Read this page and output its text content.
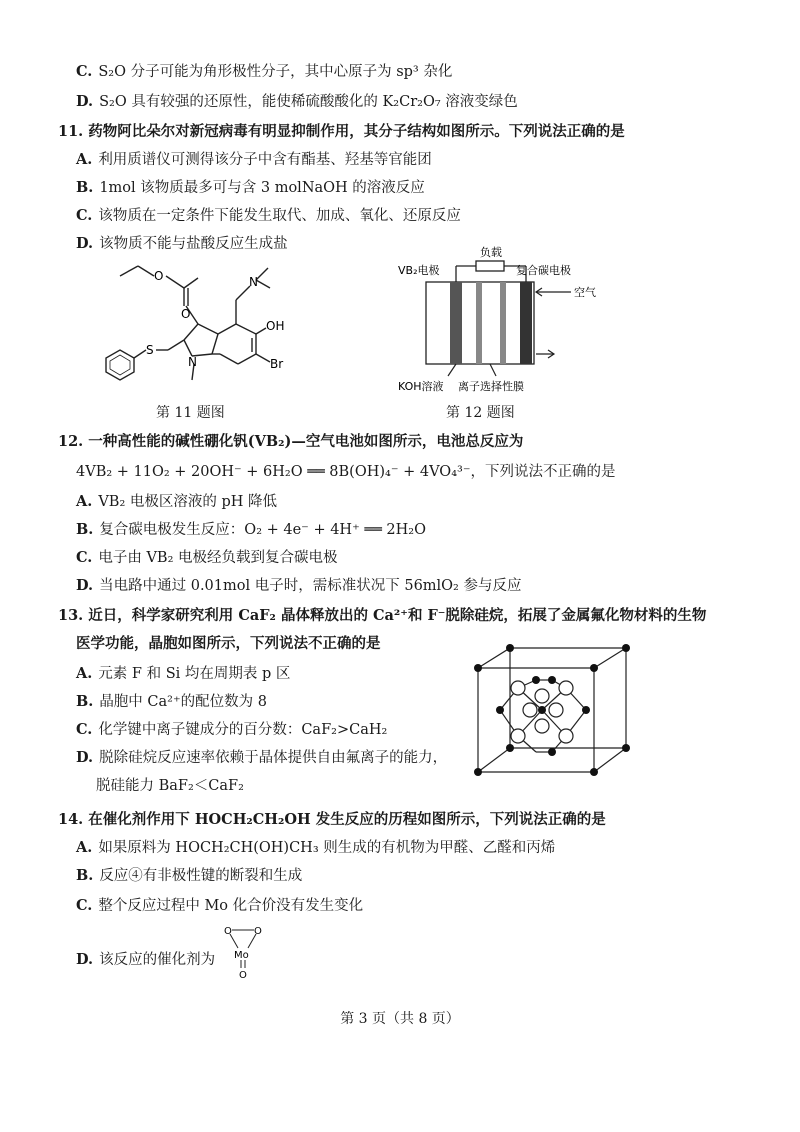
C. S₂O 分子可能为角形极性分子，其中心原子为 sp³ 杂化
D. S₂O 具有较强的还原性，能使稀硫酸酸化的 K₂Cr₂O₇ 溶液变绿色
11. 药物阿比朵尔对新冠病毒有明显抑制作用，其分子结构如图所示。下列说法正确的是
A. 利用质谱仪可测得该分子中含有酯基、羟基等官能团
B. 1mol 该物质最多可与含 3 molNaOH 的溶液反应
C. 该物质在一定条件下能发生取代、加成、氧化、还原反应
D. 该物质不能与盐酸反应生成盐
O
O
N
OH
S
N	Br
第 11 题图
负载
VB₂电极	复合碳电极
空气
KOH溶液 离子选择性膜
第 12 题图
12. 一种高性能的碱性硼化钒(VB₂)—空气电池如图所示，电池总反应为
4VB₂ + 11O₂ + 20OH⁻ + 6H₂O ══ 8B(OH)₄⁻ + 4VO₄³⁻，下列说法不正确的是
A. VB₂ 电极区溶液的 pH 降低
B. 复合碳电极发生反应：O₂ + 4e⁻ + 4H⁺ ══ 2H₂O
C. 电子由 VB₂ 电极经负载到复合碳电极
D. 当电路中通过 0.01mol 电子时，需标准状况下 56mlO₂ 参与反应
13. 近日，科学家研究利用 CaF₂ 晶体释放出的 Ca²⁺和 F⁻脱除硅烷，拓展了金属氟化物材料的生物
医学功能，晶胞如图所示，下列说法不正确的是
A. 元素 F 和 Si 均在周期表 p 区
B. 晶胞中 Ca²⁺的配位数为 8
C. 化学键中离子键成分的百分数：CaF₂>CaH₂
D. 脱除硅烷反应速率依赖于晶体提供自由氟离子的能力，
脱硅能力 BaF₂＜CaF₂
14. 在催化剂作用下 HOCH₂CH₂OH 发生反应的历程如图所示，下列说法正确的是
A. 如果原料为 HOCH₂CH(OH)CH₃ 则生成的有机物为甲醛、乙醛和丙烯
B. 反应④有非极性键的断裂和生成
C. 整个反应过程中 Mo 化合价没有发生变化
D. 该反应的催化剂为
O O
Mo
O
第 3 页（共 8 页）
